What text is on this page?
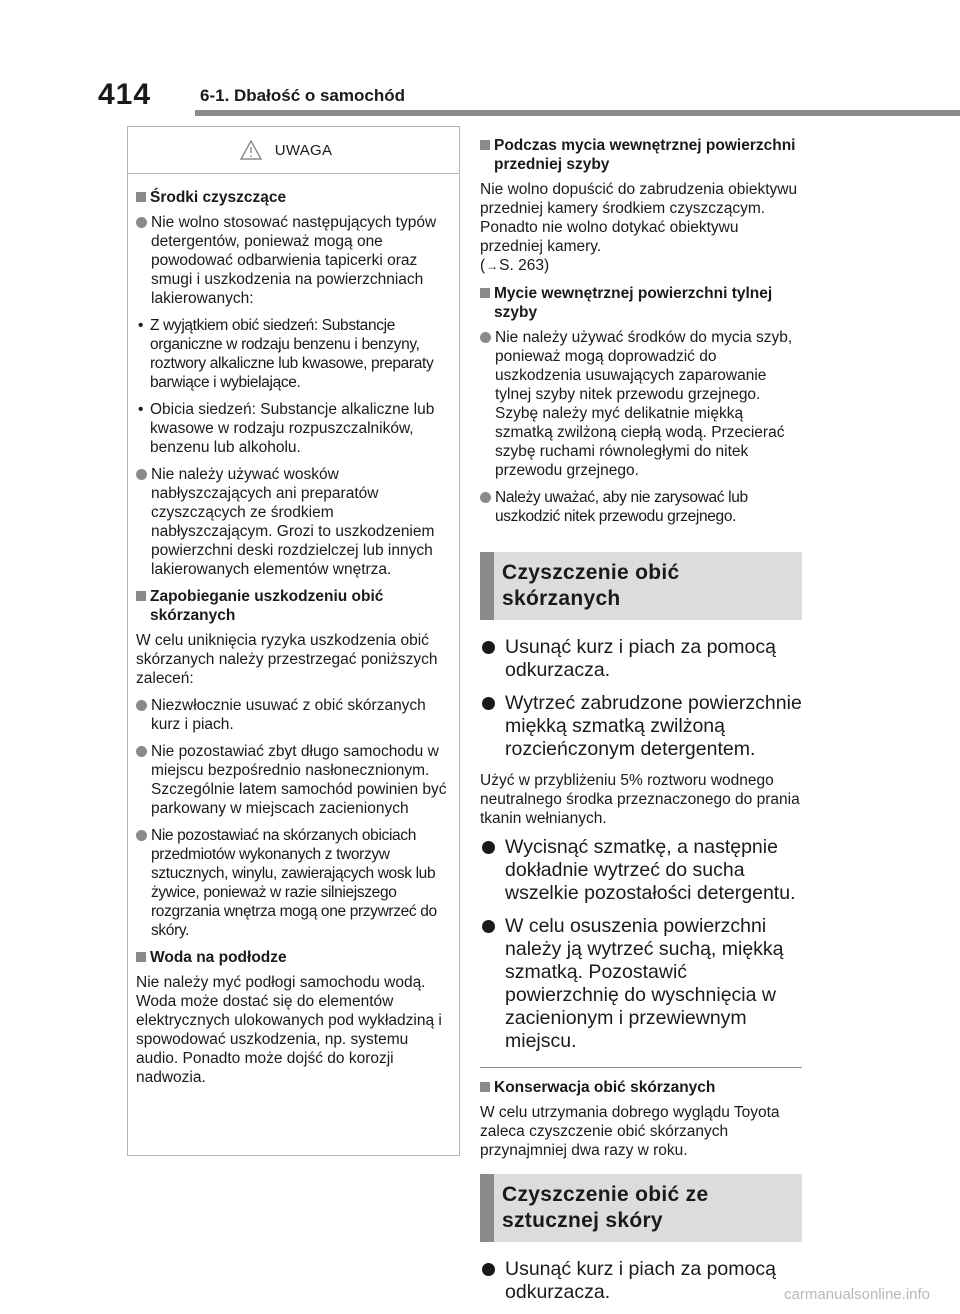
414	6-1. Dbałość o samochód
UWAGA
Środki czyszczące
Nie wolno stosować następujących typów detergentów, ponieważ mogą one powodować odbarwienia tapicerki oraz smugi i uszkodzenia na powierzchniach lakierowanych:
• Z wyjątkiem obić siedzeń: Substancje organiczne w rodzaju benzenu i benzyny, roztwory alkaliczne lub kwasowe, preparaty barwiące i wybielające.
• Obicia siedzeń: Substancje alkaliczne lub kwasowe w rodzaju rozpuszczalników, benzenu lub alkoholu.
Nie należy używać wosków nabłyszczających ani preparatów czyszczących ze środkiem nabłyszczającym. Grozi to uszkodzeniem powierzchni deski rozdzielczej lub innych lakierowanych elementów wnętrza.
Zapobieganie uszkodzeniu obić skórzanych

W celu uniknięcia ryzyka uszkodzenia obić skórzanych należy przestrzegać poniższych zaleceń:

Niezwłocznie usuwać z obić skórzanych kurz i piach.
Nie pozostawiać zbyt długo samochodu w miejscu bezpośrednio nasłonecznionym. Szczególnie latem samochód powinien być parkowany w miejscach zacienionych
Nie pozostawiać na skórzanych obiciach przedmiotów wykonanych z tworzyw sztucznych, winylu, zawierających wosk lub żywice, ponieważ w razie silniejszego rozgrzania wnętrza mogą one przywrzeć do skóry.
Woda na podłodze

Nie należy myć podłogi samochodu wodą.

Woda może dostać się do elementów elektrycznych ulokowanych pod wykładziną i spowodować uszkodzenia, np. systemu audio. Ponadto może dojść do korozji nadwozia.

Podczas mycia wewnętrznej powierzchni przedniej szyby

Nie wolno dopuścić do zabrudzenia obiektywu przedniej kamery środkiem czyszczącym. Ponadto nie wolno dotykać obiektywu przedniej kamery.

(→S. 263)

Mycie wewnętrznej powierzchni tylnej szyby
Nie należy używać środków do mycia szyb, ponieważ mogą doprowadzić do uszkodzenia usuwających zaparowanie tylnej szyby nitek przewodu grzejnego. Szybę należy myć delikatnie miękką szmatką zwilżoną ciepłą wodą. Przecierać szybę ruchami równoległymi do nitek przewodu grzejnego.
Należy uważać, aby nie zarysować lub uszkodzić nitek przewodu grzejnego.
Czyszczenie obić skórzanych
Usunąć kurz i piach za pomocą odkurzacza.
Wytrzeć zabrudzone powierzchnie miękką szmatką zwilżoną rozcieńczonym detergentem.

Użyć w przybliżeniu 5% roztworu wodnego neutralnego środka przeznaczonego do prania tkanin wełnianych.

Wycisnąć szmatkę, a następnie dokładnie wytrzeć do sucha wszelkie pozostałości detergentu.
W celu osuszenia powierzchni należy ją wytrzeć suchą, miękką szmatką. Pozostawić powierzchnię do wyschnięcia w zacienionym i przewiewnym miejscu.
Konserwacja obić skórzanych

W celu utrzymania dobrego wyglądu Toyota zaleca czyszczenie obić skórzanych przynajmniej dwa razy w roku.

Czyszczenie obić ze sztucznej skóry
Usunąć kurz i piach za pomocą odkurzacza.	carmanualsonline.info
